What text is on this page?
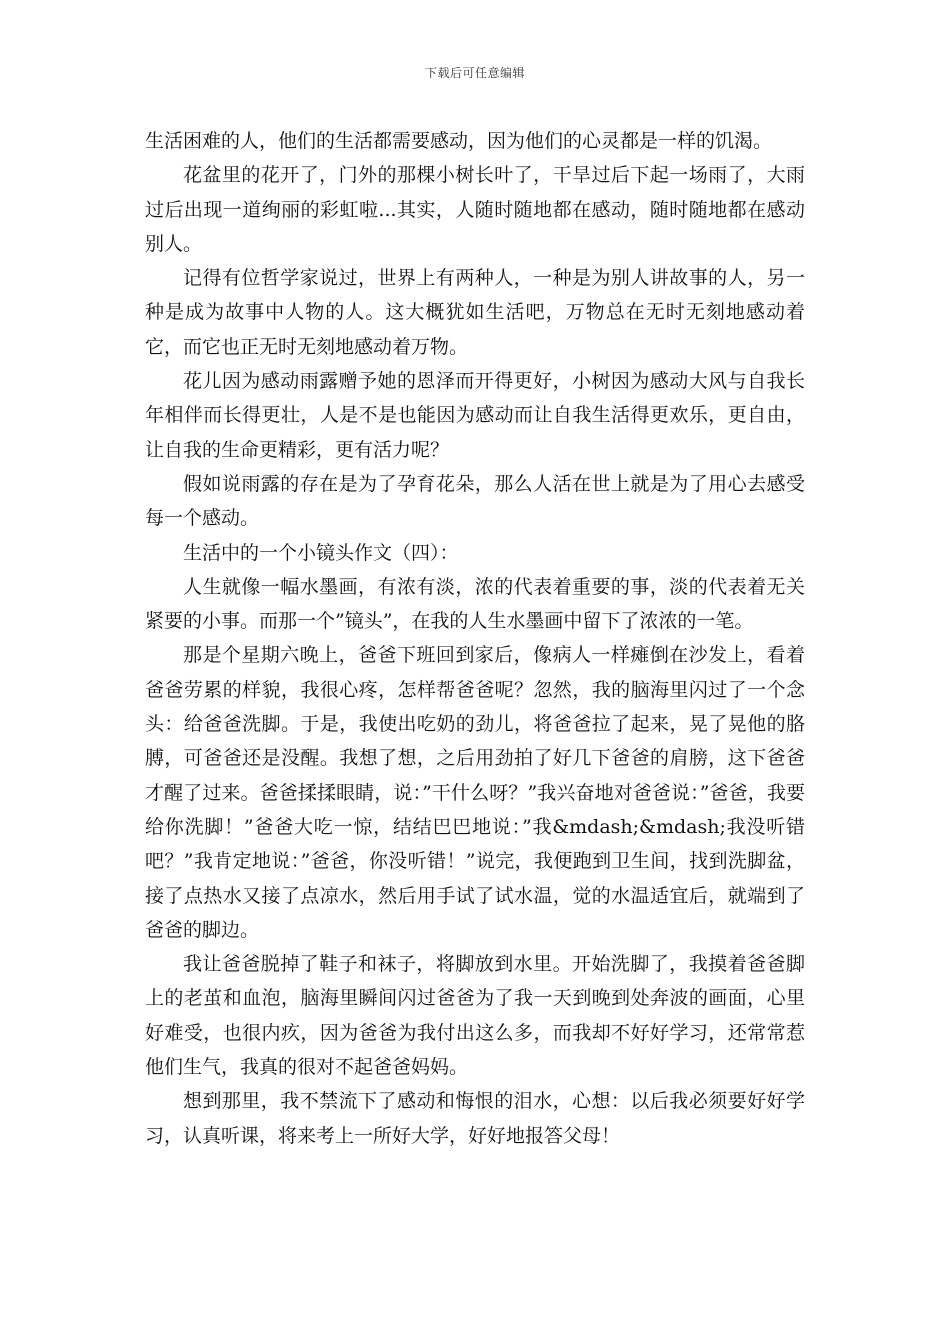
下载后可任意编辑

生活困难的人，他们的生活都需要感动，因为他们的心灵都是一样的饥渴。

花盆里的花开了，门外的那棵小树长叶了，干旱过后下起一场雨了，大雨过后出现一道绚丽的彩虹啦...其实，人随时随地都在感动，随时随地都在感动别人。

记得有位哲学家说过，世界上有两种人，一种是为别人讲故事的人，另一种是成为故事中人物的人。这大概犹如生活吧，万物总在无时无刻地感动着它，而它也正无时无刻地感动着万物。

花儿因为感动雨露赠予她的恩泽而开得更好，小树因为感动大风与自我长年相伴而长得更壮，人是不是也能因为感动而让自我生活得更欢乐，更自由，让自我的生命更精彩，更有活力呢？

假如说雨露的存在是为了孕育花朵，那么人活在世上就是为了用心去感受每一个感动。

生活中的一个小镜头作文（四）：

人生就像一幅水墨画，有浓有淡，浓的代表着重要的事，淡的代表着无关紧要的小事。而那一个”镜头”，在我的人生水墨画中留下了浓浓的一笔。

那是个星期六晚上，爸爸下班回到家后，像病人一样瘫倒在沙发上，看着爸爸劳累的样貌，我很心疼，怎样帮爸爸呢？忽然，我的脑海里闪过了一个念头：给爸爸洗脚。于是，我使出吃奶的劲儿，将爸爸拉了起来，晃了晃他的胳膊，可爸爸还是没醒。我想了想，之后用劲拍了好几下爸爸的肩膀，这下爸爸才醒了过来。爸爸揉揉眼睛，说：”干什么呀？”我兴奋地对爸爸说：”爸爸，我要给你洗脚！”爸爸大吃一惊，结结巴巴地说：”我&mdash;&mdash;我没听错吧？”我肯定地说：”爸爸，你没听错！”说完，我便跑到卫生间，找到洗脚盆，接了点热水又接了点凉水，然后用手试了试水温，觉的水温适宜后，就端到了爸爸的脚边。

我让爸爸脱掉了鞋子和袜子，将脚放到水里。开始洗脚了，我摸着爸爸脚上的老茧和血泡，脑海里瞬间闪过爸爸为了我一天到晚到处奔波的画面，心里好难受，也很内疚，因为爸爸为我付出这么多，而我却不好好学习，还常常惹他们生气，我真的很对不起爸爸妈妈。

想到那里，我不禁流下了感动和悔恨的泪水，心想：以后我必须要好好学习，认真听课，将来考上一所好大学，好好地报答父母！
